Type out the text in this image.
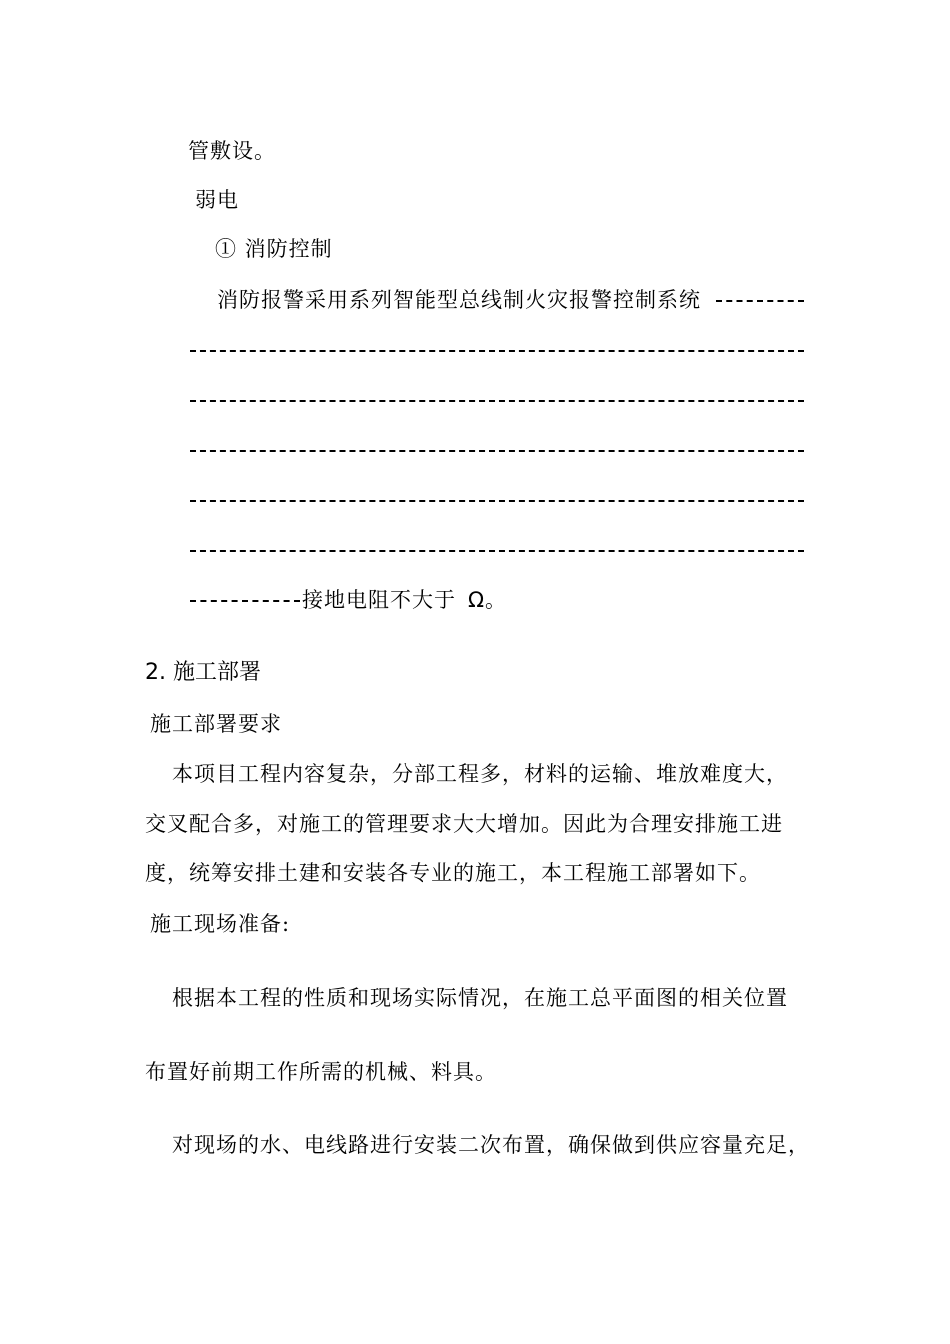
管敷设。
弱电
① 消防控制
消防报警采用系列智能型总线制火灾报警控制系统
接地电阻不大于 Ω。
2. 施工部署
施工部署要求
本项目工程内容复杂，分部工程多，材料的运输、堆放难度大，
交叉配合多，对施工的管理要求大大增加。因此为合理安排施工进
度，统筹安排土建和安装各专业的施工，本工程施工部署如下。
施工现场准备:
根据本工程的性质和现场实际情况，在施工总平面图的相关位置
布置好前期工作所需的机械、料具。
对现场的水、电线路进行安装二次布置，确保做到供应容量充足，
